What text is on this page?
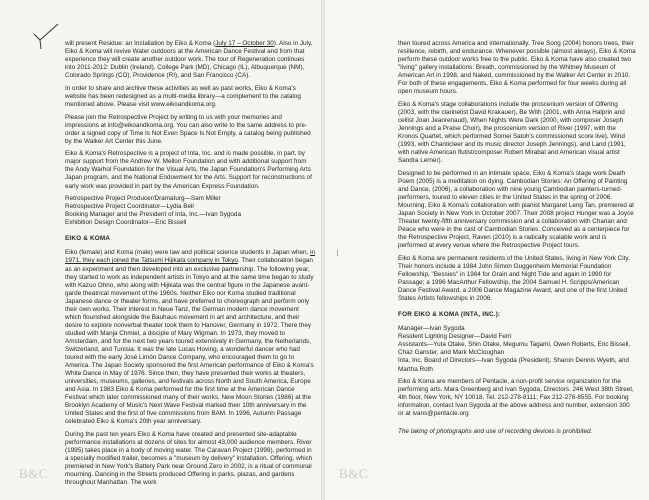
B&C	B&C

will present Residue: an Installation by Eiko & Koma (July 17 – October 30). Also in July, Eiko & Koma will revive Water outdoors at the American Dance Festival and from that experience they will create another outdoor work. The tour of Regeneration continues into 2011-2012: Dublin (Ireland), College Park (MD), Chicago (IL), Albuquerque (NM), Colorado Springs (CO), Providence (RI), and San Francisco (CA).

In order to share and archive these activities as well as past works, Eiko & Koma's website has been redesigned as a multi-media library—a complement to the catalog mentioned above. Please visit www.eikoandkoma.org.

Please join the Retrospective Project by writing to us with your memories and impressions at info@eikoandkoma.org. You can also write to the same address to pre-order a signed copy of Time Is Not Even Space Is Not Empty, a catalog being published by the Walker Art Center this June.

Eiko & Koma's Retrospective is a project of Inta, Inc. and is made possible, in part, by major support from the Andrew W. Mellon Foundation and with additional support from the Andy Warhol Foundation for the Visual Arts, the Japan Foundation's Performing Arts Japan program, and the National Endowment for the Arts. Support for reconstructions of early work was provided in part by the American Express Foundation.

Retrospective Project Producer/Dramaturg—Sam Miller

Retrospective Project Coordinator—Lydia Bell

Booking Manager and the President of Inta, Inc.—Ivan Sygoda

Exhibition Design Coordinator—Eric Bissell

EIKO & KOMA

Eiko (female) and Koma (male) were law and political science students in Japan when, in 1971, they each joined the Tatsumi Hijikata company in Tokyo. Their collaboration began as an experiment and then developed into an exclusive partnership. The following year, they started to work as independent artists in Tokyo and at the same time began to study with Kazuo Ohno, who along with Hijikata was the central figure in the Japanese avant-garde theatrical movement of the 1960s. Neither Eiko nor Koma studied traditional Japanese dance or theater forms, and have preferred to choreograph and perform only their own works. Their interest in Neue Tanz, the German modern dance movement which flourished alongside the Bauhaus movement in art and architecture, and their desire to explore nonverbal theater took them to Hanover, Germany in 1972. There they studied with Manja Chmiel, a disciple of Mary Wigman. In 1973, they moved to Amsterdam, and for the next two years toured extensively in Germany, the Netherlands, Switzerland, and Tunisia. It was the late Lucas Hoving, a wonderful dancer who had toured with the early José Limón Dance Company, who encouraged them to go to America. The Japan Society sponsored the first American performance of Eiko & Koma's White Dance in May of 1976. Since then, they have presented their works at theaters, universities, museums, galleries, and festivals across North and South America, Europe and Asia. In 1983 Eiko & Koma performed for the first time at the American Dance Festival which later commissioned many of their works. New Moon Stories (1986) at the Brooklyn Academy of Music's Next Wave Festival marked their 10th anniversary in the United States and the first of five commissions from BAM. In 1996, Autumn Passage celebrated Eiko & Koma's 20th year anniversary.

During the past ten years Eiko & Koma have created and presented site-adaptable performance installations at dozens of sites for almost 43,000 audience members. River (1995) takes place in a body of moving water. The Caravan Project (1999), performed in a specially modified trailer, becomes a "museum by delivery" installation. Offering, which premiered in New York's Battery Park near Ground Zero in 2002, is a ritual of communal mourning. Dancing in the Streets produced Offering in parks, plazas, and gardens throughout Manhattan. The work

then toured across America and internationally. Tree Song (2004) honors trees, their resilience, rebirth, and endurance. Whenever possible (almost always), Eiko & Koma perform these outdoor works free to the public. Eiko & Koma have also created two "living" gallery installations: Breath, commissioned by the Whitney Museum of American Art in 1998, and Naked, commissioned by the Walker Art Center in 2010. For both of these engagements, Eiko & Koma performed for four weeks during all open museum hours.

Eiko & Koma's stage collaborations include the proscenium version of Offering (2003, with the clarinetist David Krakauer), Be With (2001, with Anna Halprin and cellist Joan Jeanrenaud), When Nights Were Dark (2000, with composer Joseph Jennings and a Praise Choir), the proscenium version of River (1997, with the Kronos Quartet, which performed Somei Satoh's commissioned score live), Wind (1993, with Chanticleer and its music director Joseph Jennings), and Land (1991, with native American flutist/composer Robert Mirabal and American visual artist Sandra Lerner).

Designed to be performed in an intimate space, Eiko & Koma's stage work Death Poem (2005) is a meditation on dying. Cambodian Stories: An Offering of Painting and Dance, (2006), a collaboration with nine young Cambodian painters-turned-performers, toured to eleven cities in the United States in the spring of 2006. Mourning, Eiko & Koma's collaboration with pianist Margaret Leng Tan, premiered at Japan Society in New York in October 2007. Their 2008 project Hunger was a Joyce Theater twenty-fifth anniversary commission and a collaboration with Charian and Peace who were in the cast of Cambodian Stories. Conceived as a centerpiece for the Retrospective Project, Raven (2010) is a radically scalable work and is performed at every venue where the Retrospective Project tours.

Eiko & Koma are permanent residents of the United States, living in New York City. Their honors include a 1984 John Simon Guggenheim Memorial Foundation Fellowship, "Bessies" in 1984 for Grain and Night Tide and again in 1990 for Passage; a 1996 MacArthur Fellowship, the 2004 Samuel H. Scripps/American Dance Festival Award, a 2006 Dance Magazine Award, and one of the first United States Artists fellowships in 2006.

FOR EIKO & KOMA (INTA, INC.):

Manager—Ivan Sygoda

Resident Lighting Designer—David Ferri

Assistants—Yuta Otake, Shin Otake, Megumu Tagami, Owen Roberts, Eric Bissell, Chaz Ganster, and Mark McCloughan

Inta, Inc. Board of Directors—Ivan Sygoda (President), Sharon Dennis Wyeth, and Martha Roth

Eiko & Koma are members of Pentacle, a non-profit service organization for the performing arts. Mara Greenberg and Ivan Sygoda, Directors. 246 West 38th Street, 4th floor, New York, NY 10018. Tel. 212-278-8111; Fax 212-278-8555. For booking information, contact Ivan Sygoda at the above address and number, extension 300 or at ivans@pentacle.org

The taking of photographs and use of recording devices is prohibited.
